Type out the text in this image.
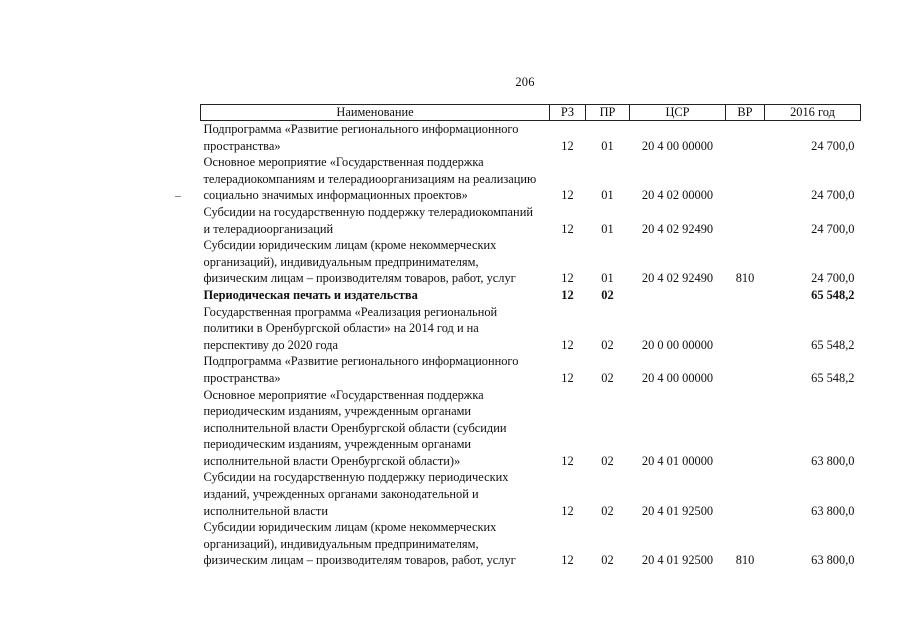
206
Наименование	РЗ	ПР	ЦСР	ВР	2016 год

Подпрограмма «Развитие регионального информационного
пространства»	12	01	20 4 00 00000		24 700,0

Основное мероприятие «Государственная поддержка
телерадиокомпаниям и телерадиоорганизациям на реализацию
социально значимых информационных проектов»	12	01	20 4 02 00000		24 700,0

Субсидии на государственную поддержку телерадиокомпаний
и телерадиоорганизаций	12	01	20 4 02 92490		24 700,0

Субсидии юридическим лицам (кроме некоммерческих
организаций), индивидуальным предпринимателям,
физическим лицам – производителям товаров, работ, услуг	12	01	20 4 02 92490	810	24 700,0

Периодическая печать и издательства	12	02			65 548,2

Государственная программа «Реализация региональной
политики в Оренбургской области» на 2014 год и на
перспективу до 2020 года	12	02	20 0 00 00000		65 548,2

Подпрограмма «Развитие регионального информационного
пространства»	12	02	20 4 00 00000		65 548,2

Основное мероприятие «Государственная поддержка
периодическим изданиям, учрежденным органами
исполнительной власти Оренбургской области (субсидии
периодическим изданиям, учрежденным органами
исполнительной власти Оренбургской области)»	12	02	20 4 01 00000		63 800,0

Субсидии на государственную поддержку периодических
изданий, учрежденных органами законодательной и
исполнительной власти	12	02	20 4 01 92500		63 800,0

Субсидии юридическим лицам (кроме некоммерческих
организаций), индивидуальным предпринимателям,
физическим лицам – производителям товаров, работ, услуг	12	02	20 4 01 92500	810	63 800,0
